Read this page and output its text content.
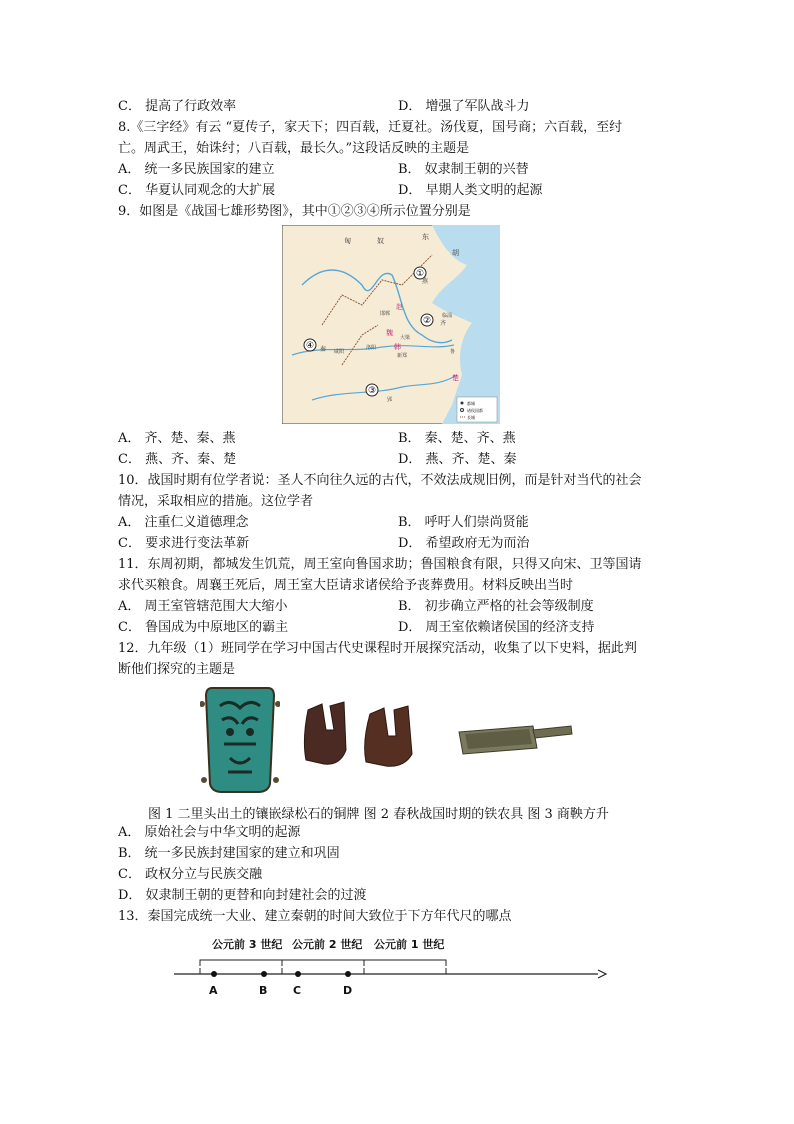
C． 提高了行政效率	D． 增强了军队战斗力
8.《三字经》有云 “夏传子，家天下；四百载，迁夏社。汤伐夏，国号商；六百载，至纣
亡。周武王，始诛纣；八百载，最长久。”这段话反映的主题是
A． 统一多民族国家的建立	B． 奴隶制王朝的兴替
C． 华夏认同观念的大扩展	D． 早期人类文明的起源
9．如图是《战国七雄形势图》，其中①②③④所示位置分别是
匈	奴	东
胡
①
②
③
④
燕
赵
齐
魏
韩
秦
楚
邯郸	临淄
大梁
新郑
咸阳
洛阳
郢
鲁
都城
诸侯国都
长城
A． 齐、楚、秦、燕	B． 秦、楚、齐、燕
C． 燕、齐、秦、楚	D． 燕、齐、楚、秦
10．战国时期有位学者说：圣人不向往久远的古代，不效法成规旧例，而是针对当代的社会
情况，采取相应的措施。这位学者
A． 注重仁义道德理念	B． 呼吁人们崇尚贤能
C． 要求进行变法革新	D． 希望政府无为而治
11．东周初期，都城发生饥荒，周王室向鲁国求助；鲁国粮食有限，只得又向宋、卫等国请
求代买粮食。周襄王死后，周王室大臣请求诸侯给予丧葬费用。材料反映出当时
A． 周王室管辖范围大大缩小	B． 初步确立严格的社会等级制度
C． 鲁国成为中原地区的霸主	D． 周王室依赖诸侯国的经济支持
12．九年级（1）班同学在学习中国古代史课程时开展探究活动，收集了以下史料，据此判
断他们探究的主题是
图 1 二里头出土的镶嵌绿松石的铜牌 图 2 春秋战国时期的铁农具 图 3 商鞅方升
A． 原始社会与中华文明的起源
B． 统一多民族封建国家的建立和巩固
C． 政权分立与民族交融
D． 奴隶制王朝的更替和向封建社会的过渡
13．秦国完成统一大业、建立秦朝的时间大致位于下方年代尺的哪点
公元前 3 世纪 公元前 2 世纪 公元前 1 世纪
A	B C	D
